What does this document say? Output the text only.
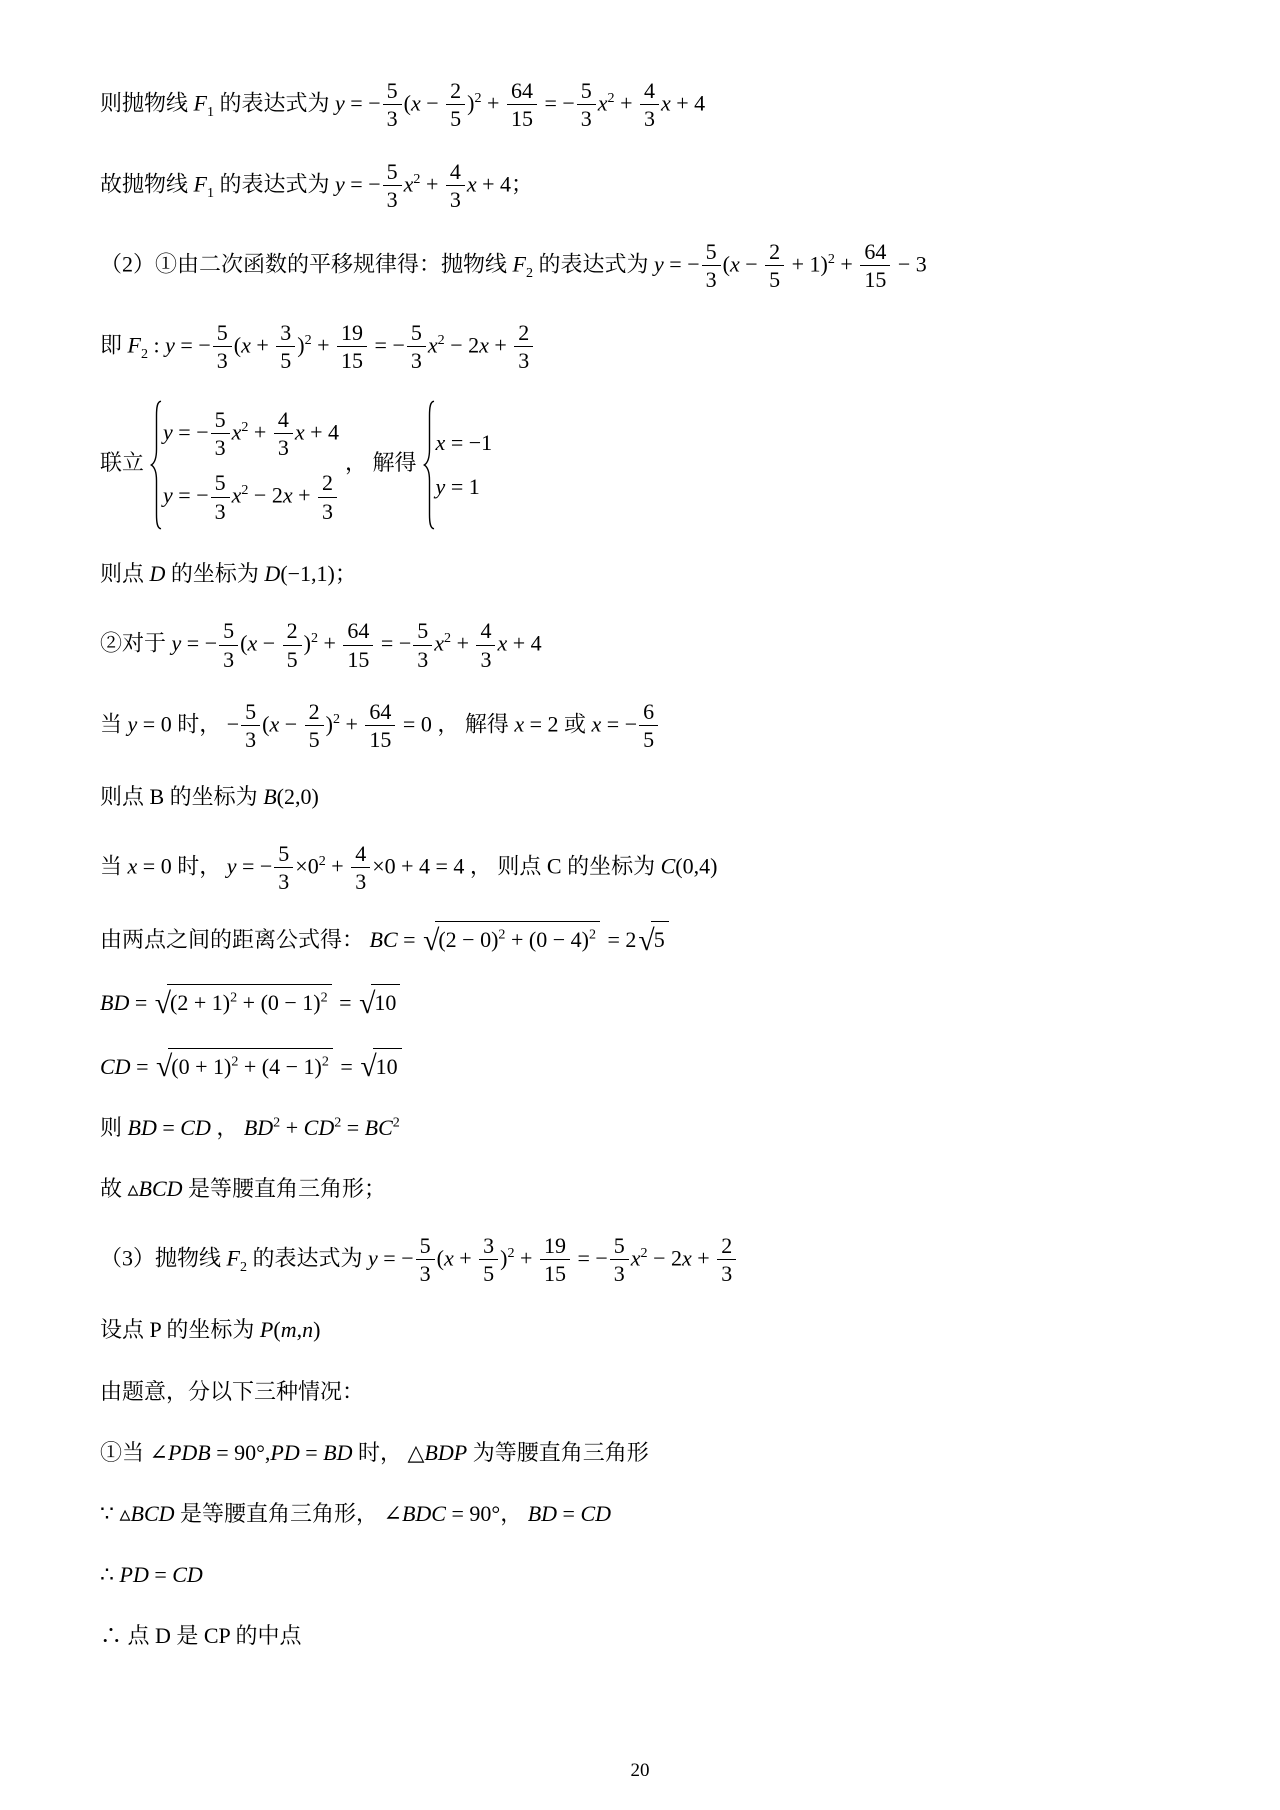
则抛物线 $F_1$ 的表达式为 y = − $\frac{5}{3} (x - \frac{2}{5} )^2 + \frac{64}{15}$ = − $\frac{5}{3} x^2 + \frac{4}{3}$ x + 4
故抛物线 $F_1$ 的表达式为 y = − $\frac{5}{3} x^2 + \frac{4}{3}$ x + 4；
（2）①由二次函数的平移规律得：抛物线 $F_2$ 的表达式为 y = − $\frac{5}{3} (x - \frac{2}{5} + 1)^2 + \frac{64}{15} - 3$
即 $F_2$ : y = − $\frac{5}{3} (x + \frac{3}{5} )^2 + \frac{19}{15}$ = − $\frac{5}{3} x^2 - 2x + \frac{2}{3}$
联立
y = − $\frac{5}{3} x^2 + \frac{4}{3}$ x + 4
y = − $\frac{5}{3} x^2 - 2x + \frac{2}{3}$
， 解得
x = −1
y = 1
则点 D 的坐标为 D(−1,1)；
②对于 y = − $\frac{5}{3} (x - \frac{2}{5} )^2 + \frac{64}{15}$ = − $\frac{5}{3} x^2 + \frac{4}{3}$ x + 4
当 y = 0 时， − $\frac{5}{3} (x - \frac{2}{5} )^2 + \frac{64}{15} = 0$ ， 解得 x = 2 或 x = − $\frac{6}{5}$
则点 B 的坐标为 B(2,0)
当 x = 0 时， y = − $\frac{5}{3} \times 0^2 + \frac{4}{3} \times 0 + 4 = 4$ ， 则点 C 的坐标为 C(0,4)
由两点之间的距离公式得： BC = $√(2 - 0)^2 + (0 - 4)^2 = 2√5$
BD = $√(2 + 1)^2 + (0 - 1)^2 = √10$
CD = $√(0 + 1)^2 + (4 - 1)^2 = √10$
则 BD = CD ， $BD^2 + CD^2 = BC^2$
故 ▵BCD 是等腰直角三角形；
（3）抛物线 $F_2$ 的表达式为 y = − $\frac{5}{3} (x + \frac{3}{5} )^2 + \frac{19}{15}$ = − $\frac{5}{3} x^2 - 2x + \frac{2}{3}$
设点 P 的坐标为 P(m,n)
由题意，分以下三种情况：
①当 ∠PDB = 90°,PD = BD 时， △BDP 为等腰直角三角形
∵ ▵BCD 是等腰直角三角形， ∠BDC = 90°， BD = CD
∴ PD = CD
∴ 点 D 是 CP 的中点
20
